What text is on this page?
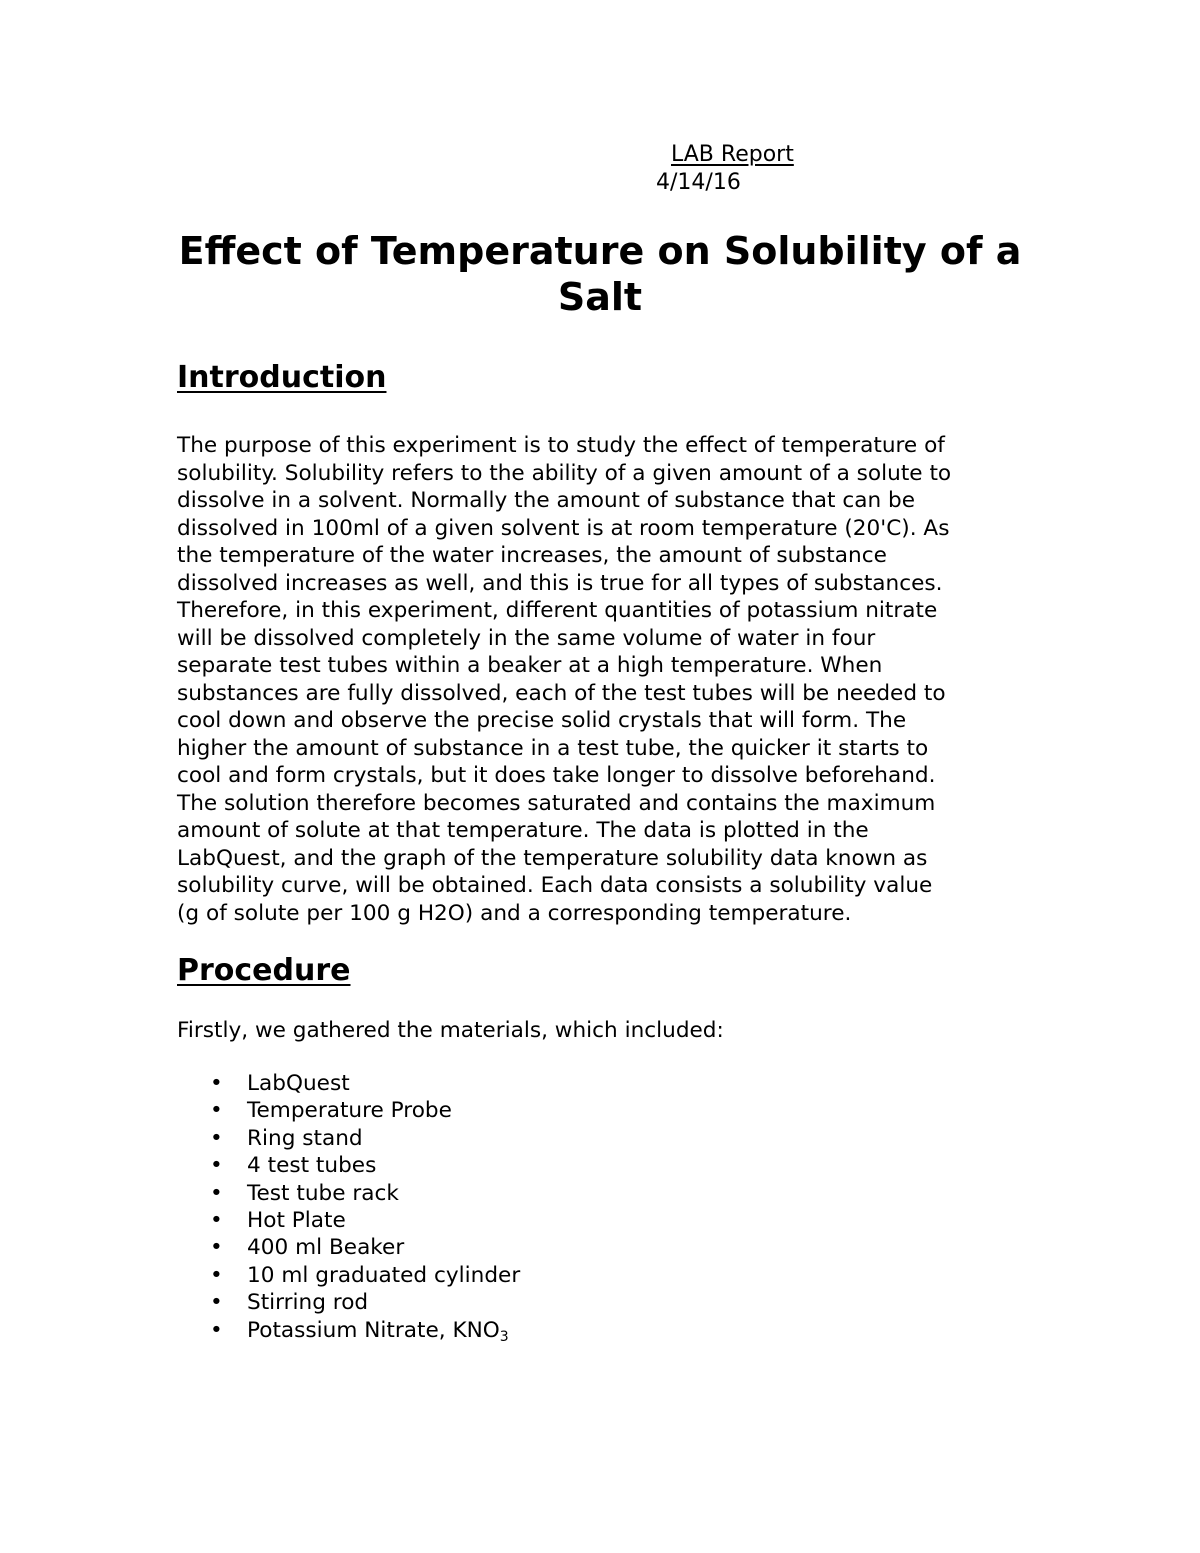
LAB Report
4/14/16
Effect of Temperature on Solubility of a Salt
Introduction

The purpose of this experiment is to study the effect of temperature of
solubility. Solubility refers to the ability of a given amount of a solute to
dissolve in a solvent. Normally the amount of substance that can be
dissolved in 100ml of a given solvent is at room temperature (20'C). As
the temperature of the water increases, the amount of substance
dissolved increases as well, and this is true for all types of substances.
Therefore, in this experiment, different quantities of potassium nitrate
will be dissolved completely in the same volume of water in four
separate test tubes within a beaker at a high temperature. When
substances are fully dissolved, each of the test tubes will be needed to
cool down and observe the precise solid crystals that will form. The
higher the amount of substance in a test tube, the quicker it starts to
cool and form crystals, but it does take longer to dissolve beforehand.
The solution therefore becomes saturated and contains the maximum
amount of solute at that temperature. The data is plotted in the
LabQuest, and the graph of the temperature solubility data known as
solubility curve, will be obtained. Each data consists a solubility value
(g of solute per 100 g H2O) and a corresponding temperature.

Procedure

Firstly, we gathered the materials, which included:

• LabQuest
• Temperature Probe
• Ring stand
• 4 test tubes
• Test tube rack
• Hot Plate
• 400 ml Beaker
• 10 ml graduated cylinder
• Stirring rod
• Potassium Nitrate, $KNO_3$
